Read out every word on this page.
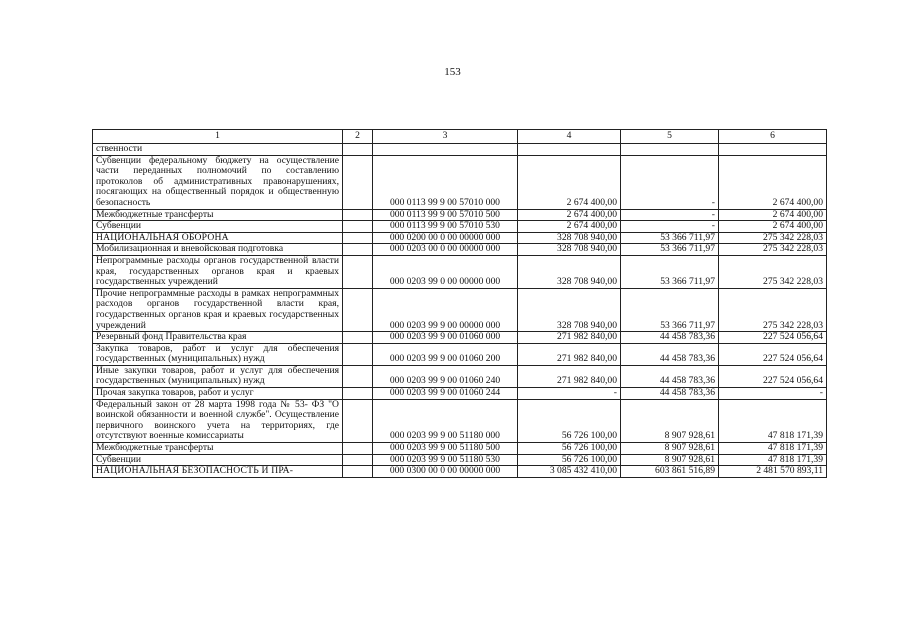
153
1	2	3	4	5	6
ственности					
Субвенции федеральному бюджету на осуществление части переданных полномочий по составлению протоколов об административных правонарушениях, посягающих на общественный порядок и общественную безопасность		000 0113 99 9 00 57010 000	2 674 400,00	-	2 674 400,00
Межбюджетные трансферты		000 0113 99 9 00 57010 500	2 674 400,00	-	2 674 400,00
Субвенции		000 0113 99 9 00 57010 530	2 674 400,00	-	2 674 400,00
НАЦИОНАЛЬНАЯ ОБОРОНА		000 0200 00 0 00 00000 000	328 708 940,00	53 366 711,97	275 342 228,03
Мобилизационная и вневойсковая подготовка		000 0203 00 0 00 00000 000	328 708 940,00	53 366 711,97	275 342 228,03
Непрограммные расходы органов государственной власти края, государственных органов края и краевых государственных учреждений		000 0203 99 0 00 00000 000	328 708 940,00	53 366 711,97	275 342 228,03
Прочие непрограммные расходы в рамках непрограммных расходов органов государственной власти края, государственных органов края и краевых государственных учреждений		000 0203 99 9 00 00000 000	328 708 940,00	53 366 711,97	275 342 228,03
Резервный фонд Правительства края		000 0203 99 9 00 01060 000	271 982 840,00	44 458 783,36	227 524 056,64
Закупка товаров, работ и услуг для обеспечения государственных (муниципальных) нужд		000 0203 99 9 00 01060 200	271 982 840,00	44 458 783,36	227 524 056,64
Иные закупки товаров, работ и услуг для обеспечения государственных (муниципальных) нужд		000 0203 99 9 00 01060 240	271 982 840,00	44 458 783,36	227 524 056,64
Прочая закупка товаров, работ и услуг		000 0203 99 9 00 01060 244	-	44 458 783,36	-
Федеральный закон от 28 марта 1998 года № 53- ФЗ "О воинской обязанности и военной службе". Осуществление первичного воинского учета на территориях, где отсутствуют военные комиссариаты		000 0203 99 9 00 51180 000	56 726 100,00	8 907 928,61	47 818 171,39
Межбюджетные трансферты		000 0203 99 9 00 51180 500	56 726 100,00	8 907 928,61	47 818 171,39
Субвенции		000 0203 99 9 00 51180 530	56 726 100,00	8 907 928,61	47 818 171,39
НАЦИОНАЛЬНАЯ БЕЗОПАСНОСТЬ И ПРА-		000 0300 00 0 00 00000 000	3 085 432 410,00	603 861 516,89	2 481 570 893,11
